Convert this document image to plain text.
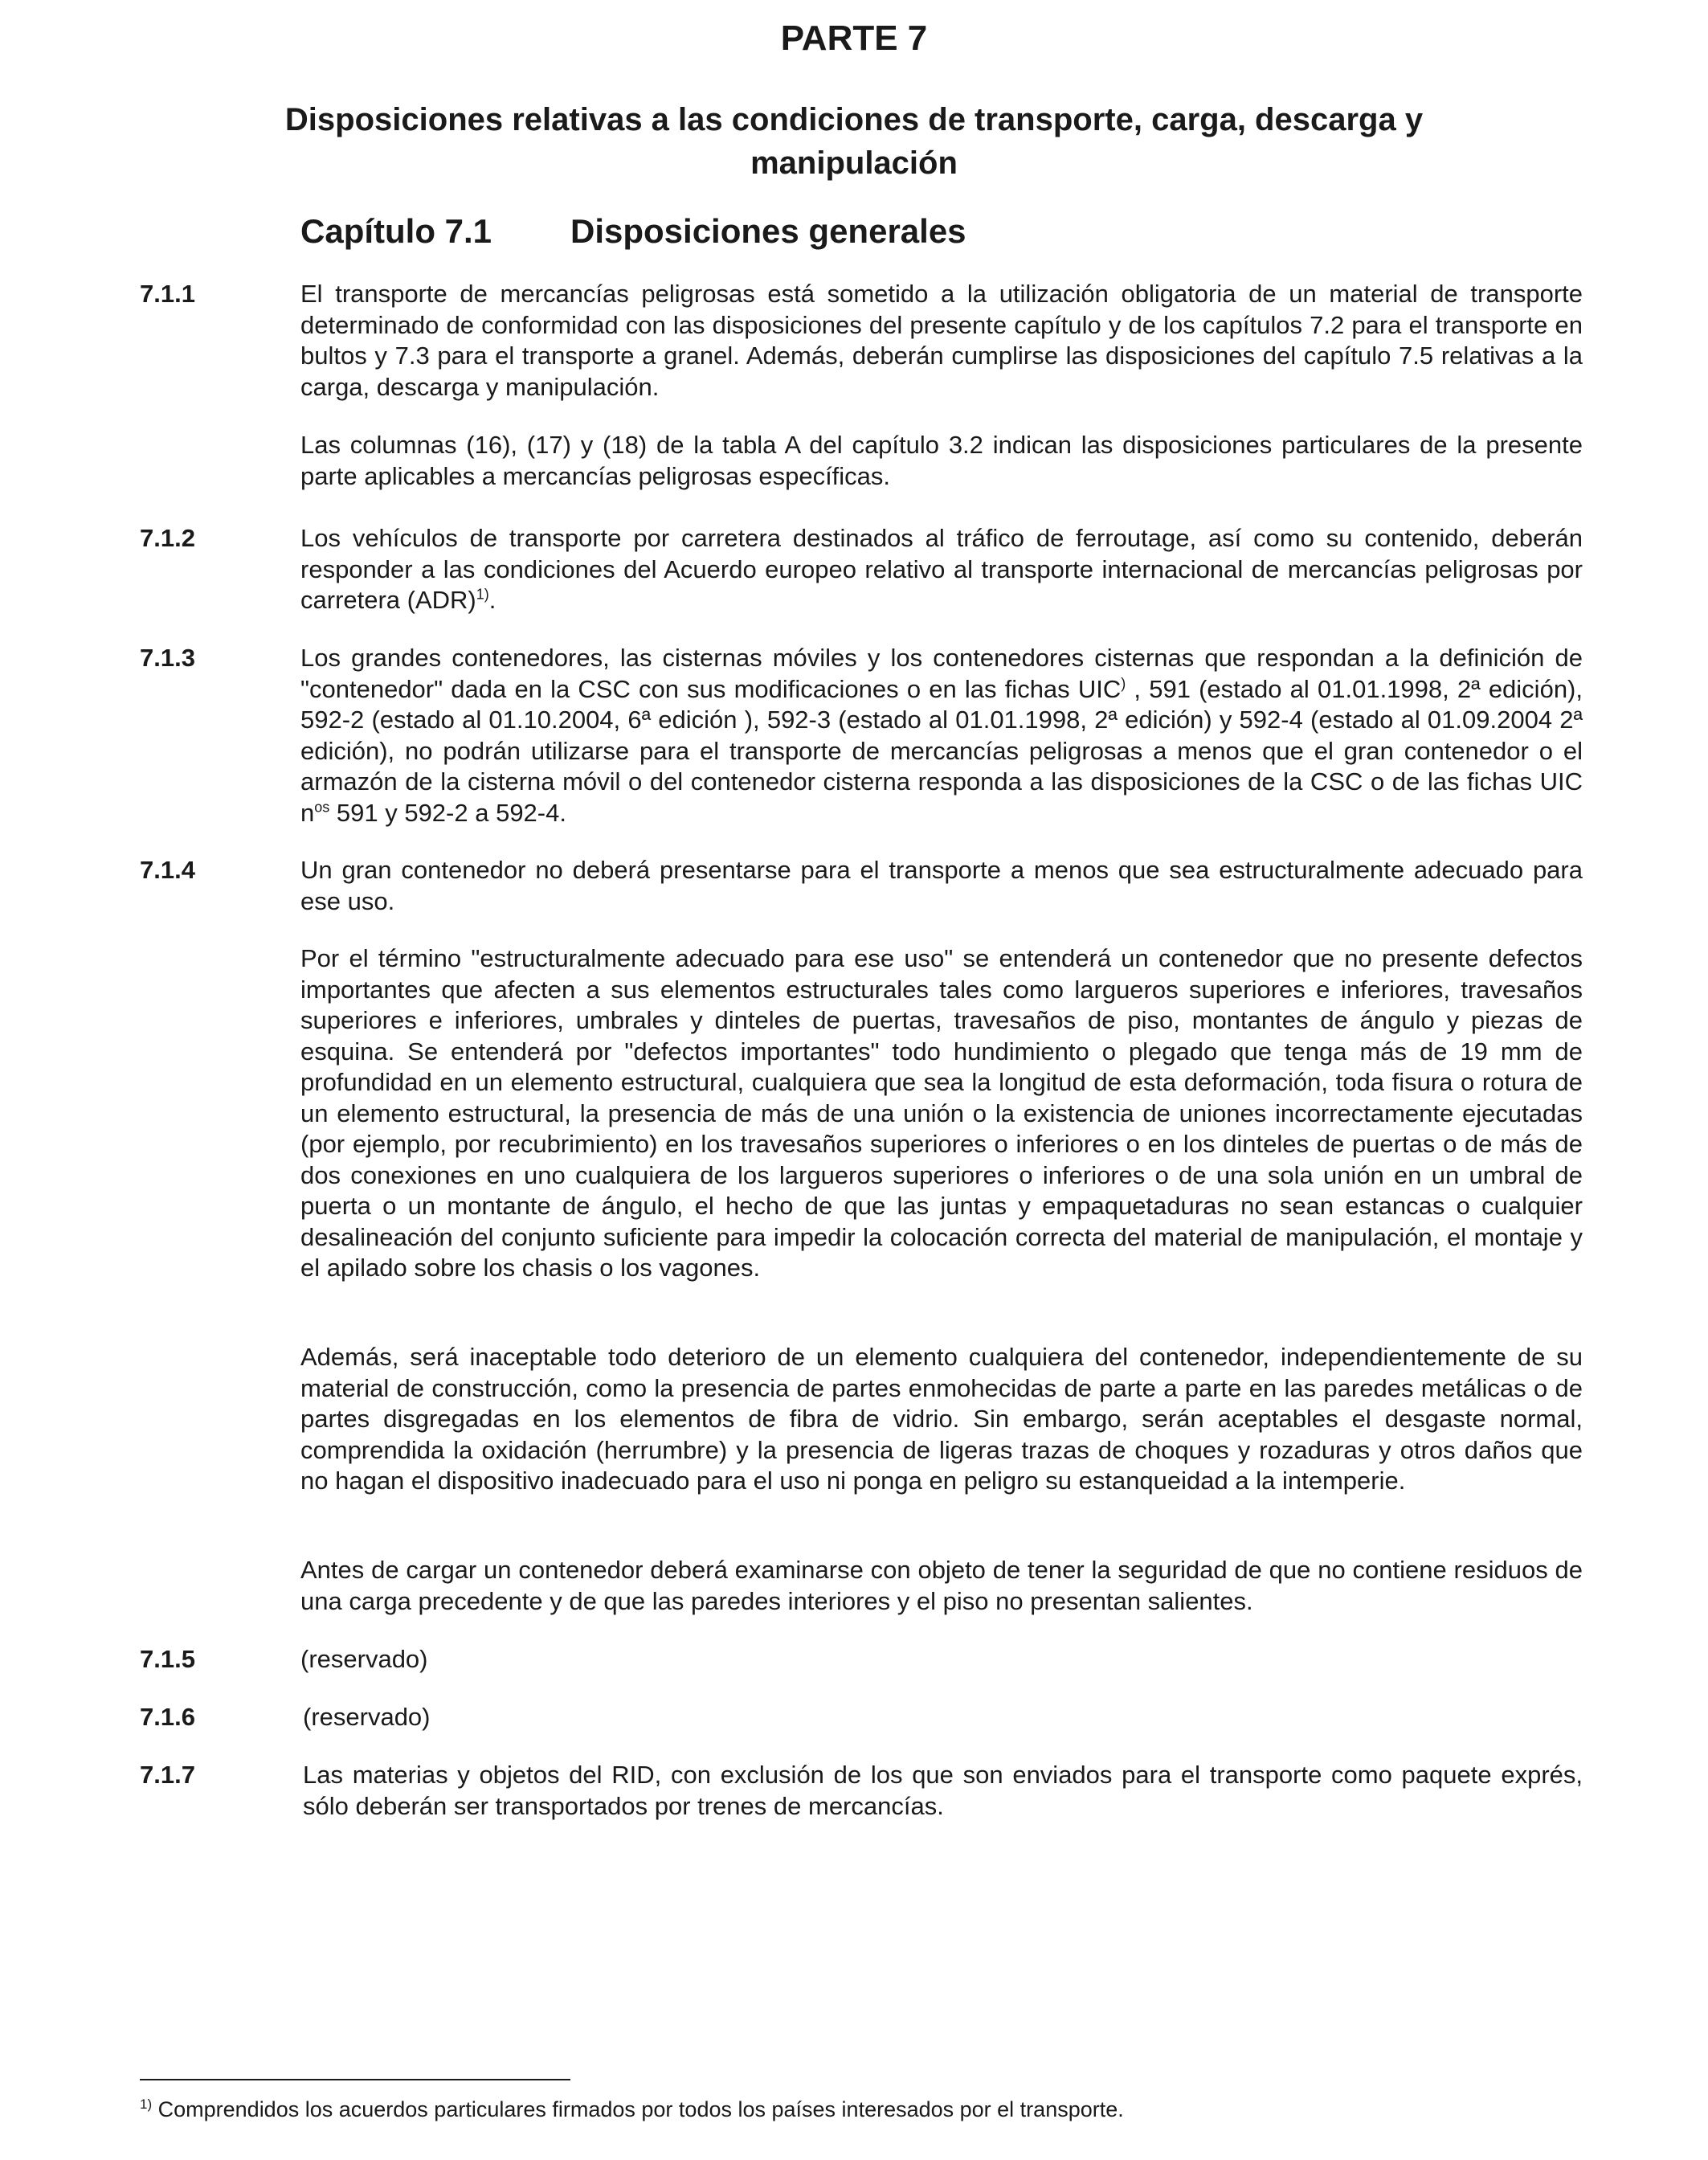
PARTE 7
Disposiciones relativas a las condiciones de transporte, carga, descarga y manipulación
Capítulo 7.1 Disposiciones generales
7.1.1	El transporte de mercancías peligrosas está sometido a la utilización obligatoria de un material de transporte determinado de conformidad con las disposiciones del presente capítulo y de los capítulos 7.2 para el transporte en bultos y 7.3 para el transporte a granel. Además, deberán cumplirse las disposiciones del capítulo 7.5 relativas a la carga, descarga y manipulación.

Las columnas (16), (17) y (18) de la tabla A del capítulo 3.2 indican las disposiciones particulares de la presente parte aplicables a mercancías peligrosas específicas.

7.1.2	Los vehículos de transporte por carretera destinados al tráfico de ferroutage, así como su contenido, deberán responder a las condiciones del Acuerdo europeo relativo al transporte internacional de mercancías peligrosas por carretera (ADR)$^{1)}$.

7.1.3	Los grandes contenedores, las cisternas móviles y los contenedores cisternas que respondan a la definición de "contenedor" dada en la CSC con sus modificaciones o en las fichas UIC) , 591 (estado al 01.01.1998, 2ª edición), 592-2 (estado al 01.10.2004, 6ª edición ), 592-3 (estado al 01.01.1998, 2ª edición) y 592-4 (estado al 01.09.2004 2ª edición), no podrán utilizarse para el transporte de mercancías peligrosas a menos que el gran contenedor o el armazón de la cisterna móvil o del contenedor cisterna responda a las disposiciones de la CSC o de las fichas UIC $n^{os}$ 591 y 592-2 a 592-4.

7.1.4	Un gran contenedor no deberá presentarse para el transporte a menos que sea estructuralmente adecuado para ese uso.

Por el término "estructuralmente adecuado para ese uso" se entenderá un contenedor que no presente defectos importantes que afecten a sus elementos estructurales tales como largueros superiores e inferiores, travesaños superiores e inferiores, umbrales y dinteles de puertas, travesaños de piso, montantes de ángulo y piezas de esquina. Se entenderá por "defectos importantes" todo hundimiento o plegado que tenga más de 19 mm de profundidad en un elemento estructural, cualquiera que sea la longitud de esta deformación, toda fisura o rotura de un elemento estructural, la presencia de más de una unión o la existencia de uniones incorrectamente ejecutadas (por ejemplo, por recubrimiento) en los travesaños superiores o inferiores o en los dinteles de puertas o de más de dos conexiones en uno cualquiera de los largueros superiores o inferiores o de una sola unión en un umbral de puerta o un montante de ángulo, el hecho de que las juntas y empaquetaduras no sean estancas o cualquier desalineación del conjunto suficiente para impedir la colocación correcta del material de manipulación, el montaje y el apilado sobre los chasis o los vagones.

Además, será inaceptable todo deterioro de un elemento cualquiera del contenedor, independientemente de su material de construcción, como la presencia de partes enmohecidas de parte a parte en las paredes metálicas o de partes disgregadas en los elementos de fibra de vidrio. Sin embargo, serán aceptables el desgaste normal, comprendida la oxidación (herrumbre) y la presencia de ligeras trazas de choques y rozaduras y otros daños que no hagan el dispositivo inadecuado para el uso ni ponga en peligro su estanqueidad a la intemperie.

Antes de cargar un contenedor deberá examinarse con objeto de tener la seguridad de que no contiene residuos de una carga precedente y de que las paredes interiores y el piso no presentan salientes.

7.1.5	(reservado)

7.1.6	(reservado)

7.1.7	Las materias y objetos del RID, con exclusión de los que son enviados para el transporte como paquete exprés, sólo deberán ser transportados por trenes de mercancías.

$^{1)}$ Comprendidos los acuerdos particulares firmados por todos los países interesados por el transporte.
